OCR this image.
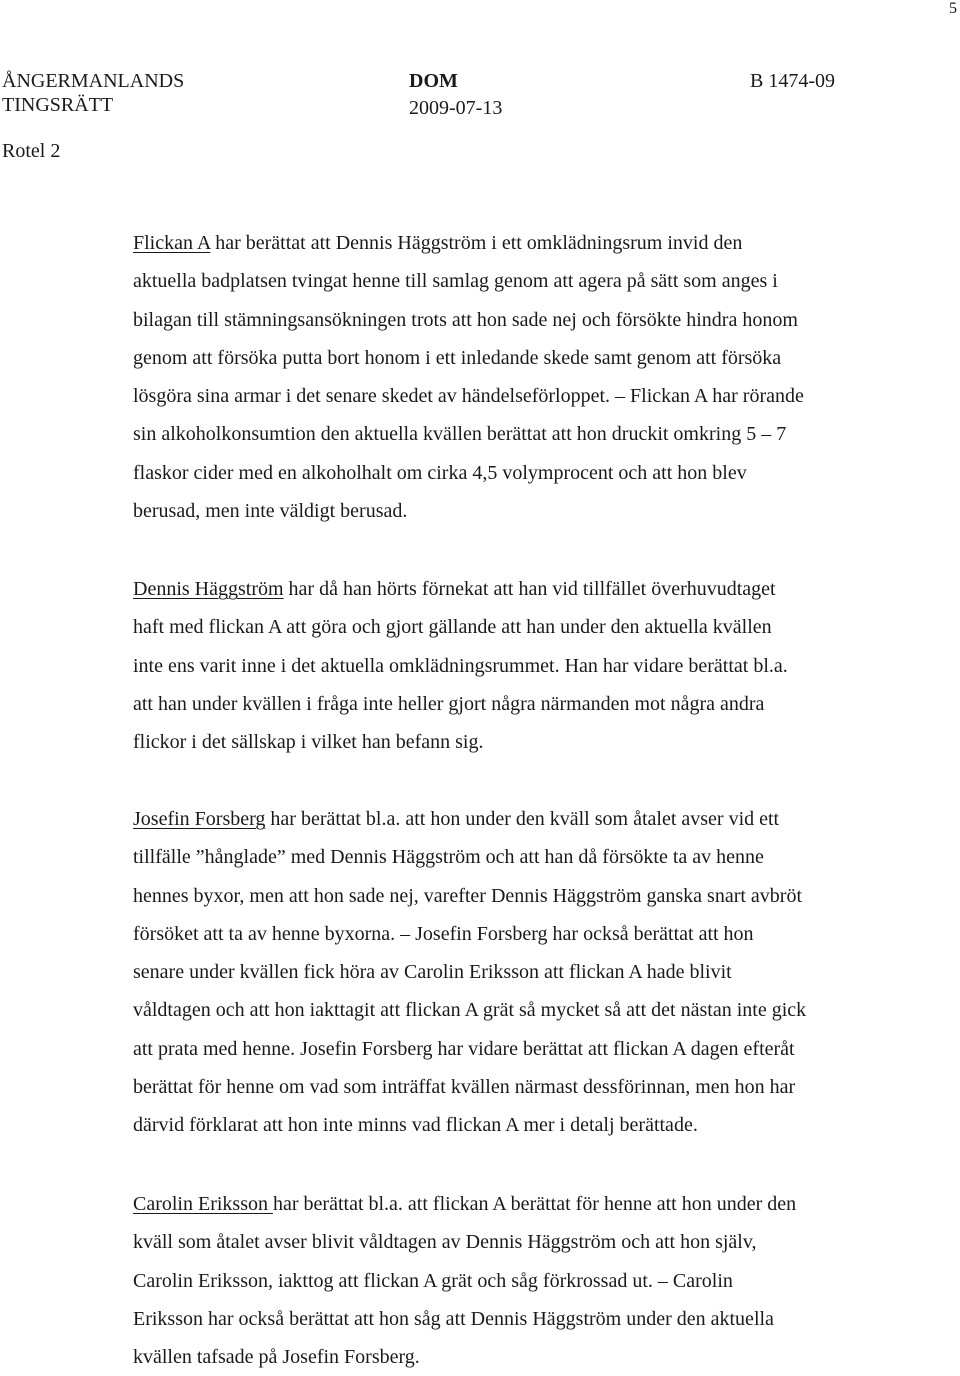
5
ÅNGERMANLANDS
TINGSRÄTT
DOM
2009-07-13
B 1474-09
Rotel 2
Flickan A har berättat att Dennis Häggström i ett omklädningsrum invid den
aktuella badplatsen tvingat henne till samlag genom att agera på sätt som anges i
bilagan till stämningsansökningen trots att hon sade nej och försökte hindra honom
genom att försöka putta bort honom i ett inledande skede samt genom att försöka
lösgöra sina armar i det senare skedet av händelseförloppet. – Flickan A har rörande
sin alkoholkonsumtion den aktuella kvällen berättat att hon druckit omkring 5 – 7
flaskor cider med en alkoholhalt om cirka 4,5 volymprocent och att hon blev
berusad, men inte väldigt berusad.
Dennis Häggström har då han hörts förnekat att han vid tillfället överhuvudtaget
haft med flickan A att göra och gjort gällande att han under den aktuella kvällen
inte ens varit inne i det aktuella omklädningsrummet. Han har vidare berättat bl.a.
att han under kvällen i fråga inte heller gjort några närmanden mot några andra
flickor i det sällskap i vilket han befann sig.
Josefin Forsberg har berättat bl.a. att hon under den kväll som åtalet avser vid ett
tillfälle ”hånglade” med Dennis Häggström och att han då försökte ta av henne
hennes byxor, men att hon sade nej, varefter Dennis Häggström ganska snart avbröt
försöket att ta av henne byxorna. – Josefin Forsberg har också berättat att hon
senare under kvällen fick höra av Carolin Eriksson att flickan A hade blivit
våldtagen och att hon iakttagit att flickan A grät så mycket så att det nästan inte gick
att prata med henne. Josefin Forsberg har vidare berättat att flickan A dagen efteråt
berättat för henne om vad som inträffat kvällen närmast dessförinnan, men hon har
därvid förklarat att hon inte minns vad flickan A mer i detalj berättade.
Carolin Eriksson har berättat bl.a. att flickan A berättat för henne att hon under den
kväll som åtalet avser blivit våldtagen av Dennis Häggström och att hon själv,
Carolin Eriksson, iakttog att flickan A grät och såg förkrossad ut. – Carolin
Eriksson har också berättat att hon såg att Dennis Häggström under den aktuella
kvällen tafsade på Josefin Forsberg.
